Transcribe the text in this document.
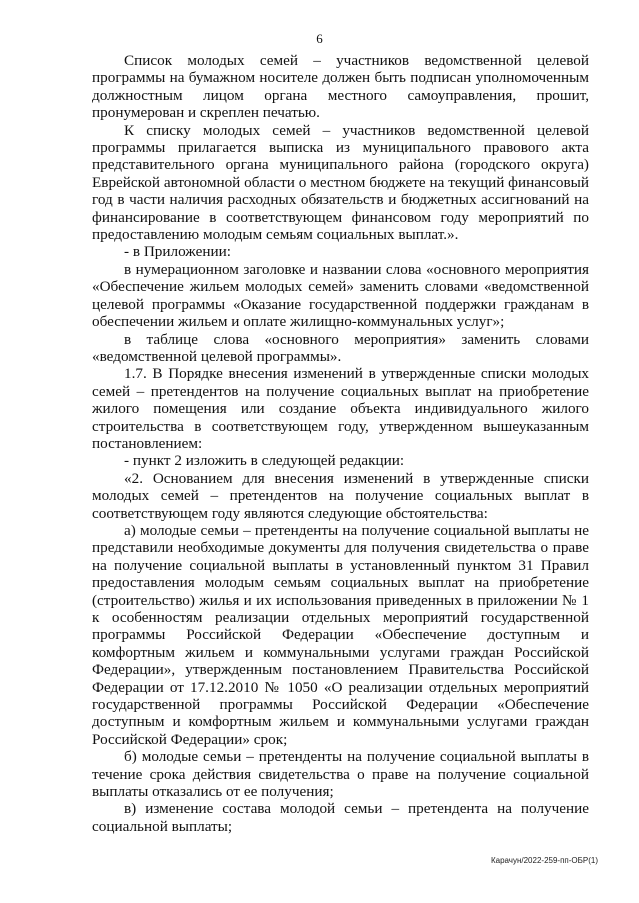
6

Список молодых семей – участников ведомственной целевой программы на бумажном носителе должен быть подписан уполномоченным должностным лицом органа местного самоуправления, прошит, пронумерован и скреплен печатью.

К списку молодых семей – участников ведомственной целевой программы прилагается выписка из муниципального правового акта представительного органа муниципального района (городского округа) Еврейской автономной области о местном бюджете на текущий финансовый год в части наличия расходных обязательств и бюджетных ассигнований на финансирование в соответствующем финансовом году мероприятий по предоставлению молодым семьям социальных выплат.».

- в Приложении:

в нумерационном заголовке и названии слова «основного мероприятия «Обеспечение жильем молодых семей» заменить словами «ведомственной целевой программы «Оказание государственной поддержки гражданам в обеспечении жильем и оплате жилищно-коммунальных услуг»;

в таблице слова «основного мероприятия» заменить словами «ведомственной целевой программы».

1.7. В Порядке внесения изменений в утвержденные списки молодых семей – претендентов на получение социальных выплат на приобретение жилого помещения или создание объекта индивидуального жилого строительства в соответствующем году, утвержденном вышеуказанным постановлением:

- пункт 2 изложить в следующей редакции:

«2. Основанием для внесения изменений в утвержденные списки молодых семей – претендентов на получение социальных выплат в соответствующем году являются следующие обстоятельства:

а) молодые семьи – претенденты на получение социальной выплаты не представили необходимые документы для получения свидетельства о праве на получение социальной выплаты в установленный пунктом 31 Правил предоставления молодым семьям социальных выплат на приобретение (строительство) жилья и их использования приведенных в приложении № 1 к особенностям реализации отдельных мероприятий государственной программы Российской Федерации «Обеспечение доступным и комфортным жильем и коммунальными услугами граждан Российской Федерации», утвержденным постановлением Правительства Российской Федерации от 17.12.2010 № 1050 «О реализации отдельных мероприятий государственной программы Российской Федерации «Обеспечение доступным и комфортным жильем и коммунальными услугами граждан Российской Федерации» срок;

б) молодые семьи – претенденты на получение социальной выплаты в течение срока действия свидетельства о праве на получение социальной выплаты отказались от ее получения;

в) изменение состава молодой семьи – претендента на получение социальной выплаты;

Карачун/2022-259-пп-ОБР(1)
